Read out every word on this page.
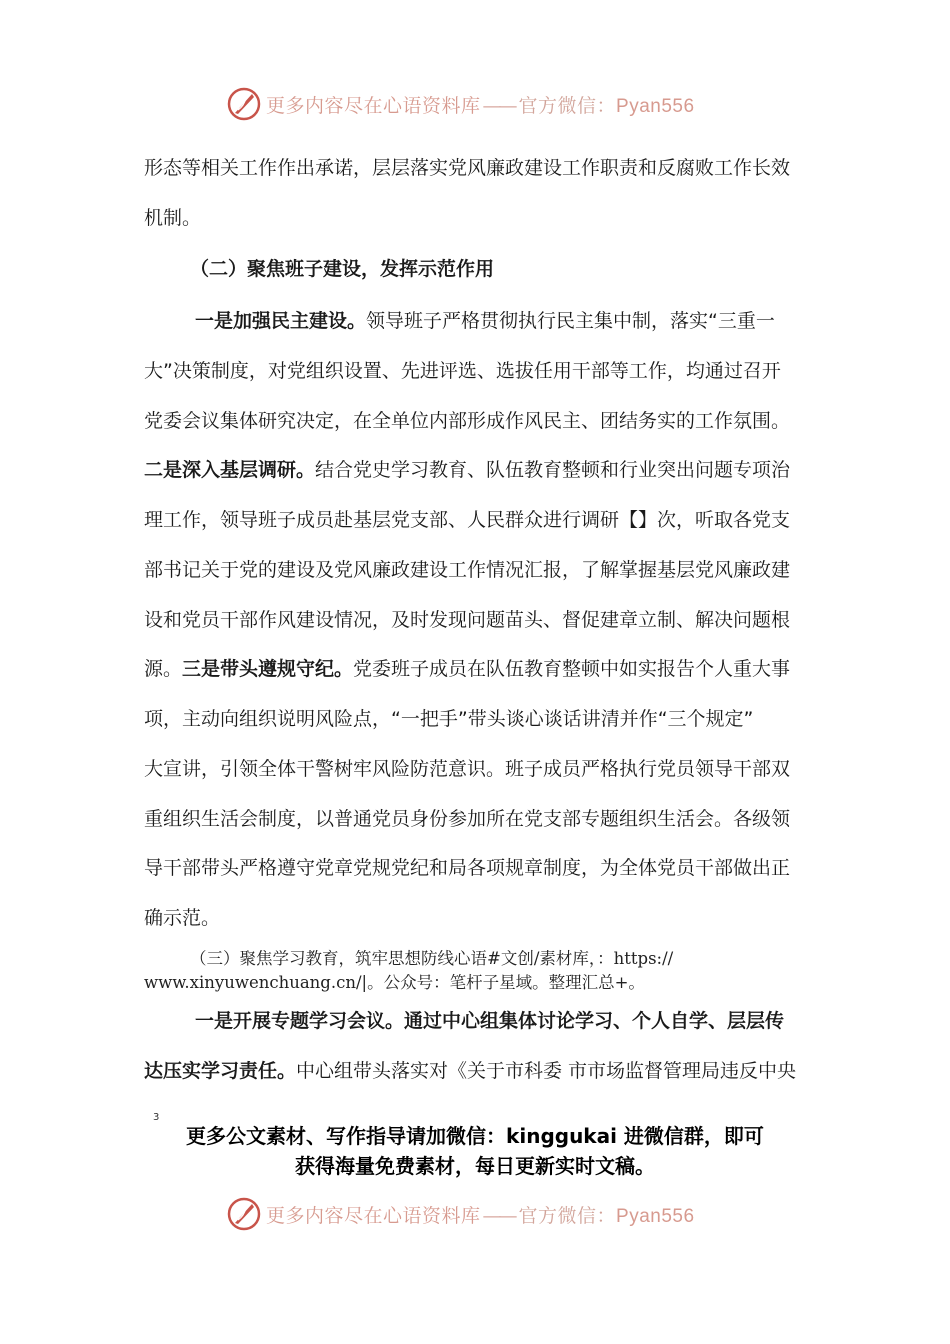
更多内容尽在心语资料库 —— 官方微信：Pyan556
形态等相关工作作出承诺，层层落实党风廉政建设工作职责和反腐败工作长效
机制。
（二）聚焦班子建设，发挥示范作用
一是加强民主建设。领导班子严格贯彻执行民主集中制，落实“三重一
大”决策制度，对党组织设置、先进评选、选拔任用干部等工作，均通过召开
党委会议集体研究决定，在全单位内部形成作风民主、团结务实的工作氛围。
二是深入基层调研。结合党史学习教育、队伍教育整顿和行业突出问题专项治
理工作，领导班子成员赴基层党支部、人民群众进行调研【】次，听取各党支
部书记关于党的建设及党风廉政建设工作情况汇报，了解掌握基层党风廉政建
设和党员干部作风建设情况，及时发现问题苗头、督促建章立制、解决问题根
源。三是带头遵规守纪。党委班子成员在队伍教育整顿中如实报告个人重大事
项，主动向组织说明风险点，“一把手”带头谈心谈话讲清并作“三个规定”
大宣讲，引领全体干警树牢风险防范意识。班子成员严格执行党员领导干部双
重组织生活会制度，以普通党员身份参加所在党支部专题组织生活会。各级领
导干部带头严格遵守党章党规党纪和局各项规章制度，为全体党员干部做出正
确示范。
（三）聚焦学习教育，筑牢思想防线心语#文创/素材库，：https://
www.xinyuwenchuang.cn/|。公众号：笔杆子星域。整理汇总+。
一是开展专题学习会议。通过中心组集体讨论学习、个人自学、层层传
达压实学习责任。中心组带头落实对《关于市科委 市市场监督管理局违反中央
3
更多公文素材、写作指导请加微信：kinggukai 进微信群，即可
获得海量免费素材，每日更新实时文稿。
更多内容尽在心语资料库 —— 官方微信：Pyan556
